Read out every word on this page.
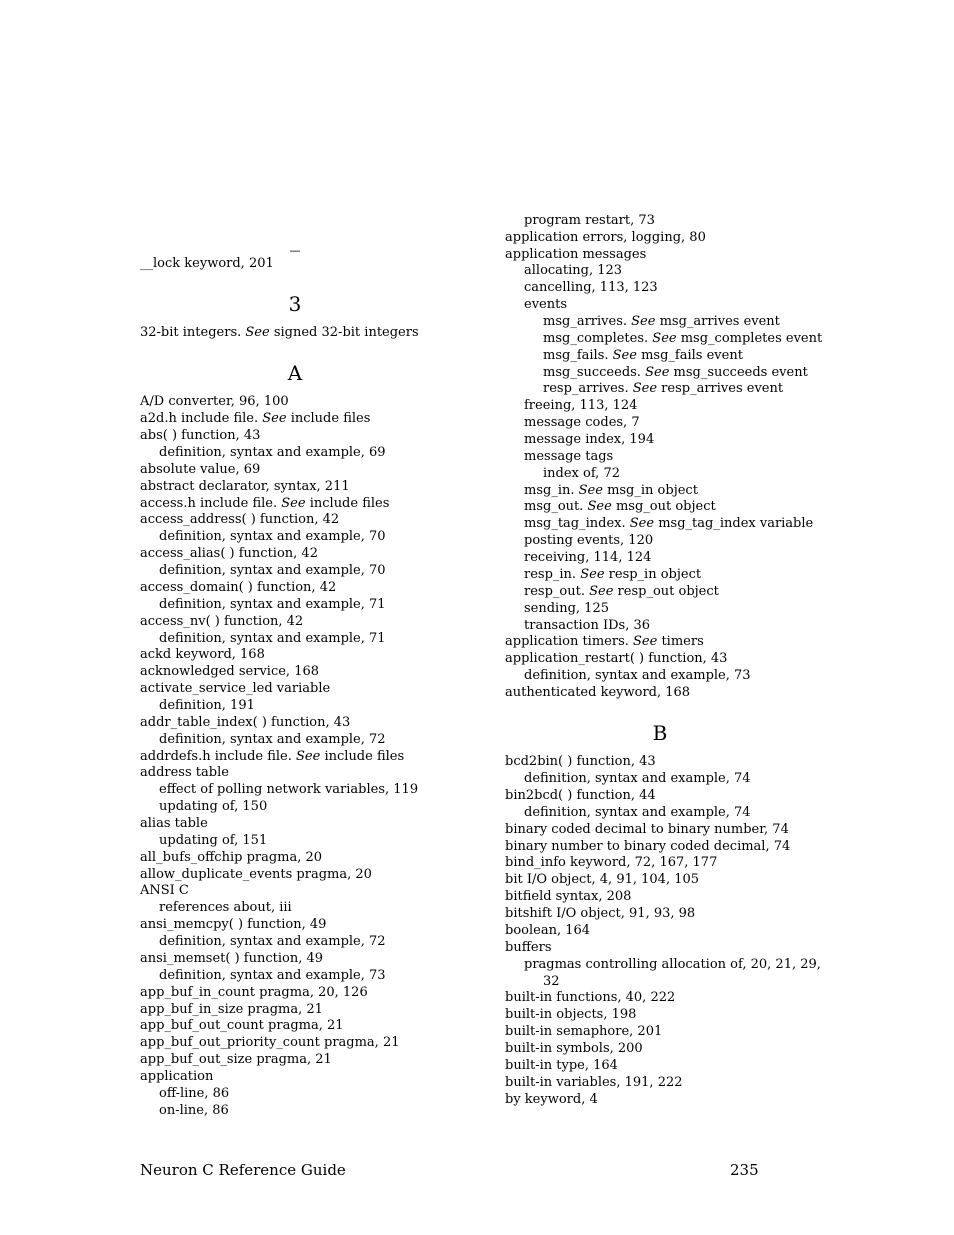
_
__lock keyword, 201
3
32-bit integers. See signed 32-bit integers
A
A/D converter, 96, 100
a2d.h include file. See include files
abs( ) function, 43
definition, syntax and example, 69
absolute value, 69
abstract declarator, syntax, 211
access.h include file. See include files
access_address( ) function, 42
definition, syntax and example, 70
access_alias( ) function, 42
definition, syntax and example, 70
access_domain( ) function, 42
definition, syntax and example, 71
access_nv( ) function, 42
definition, syntax and example, 71
ackd keyword, 168
acknowledged service, 168
activate_service_led variable
definition, 191
addr_table_index( ) function, 43
definition, syntax and example, 72
addrdefs.h include file. See include files
address table
effect of polling network variables, 119
updating of, 150
alias table
updating of, 151
all_bufs_offchip pragma, 20
allow_duplicate_events pragma, 20
ANSI C
references about, iii
ansi_memcpy( ) function, 49
definition, syntax and example, 72
ansi_memset( ) function, 49
definition, syntax and example, 73
app_buf_in_count pragma, 20, 126
app_buf_in_size pragma, 21
app_buf_out_count pragma, 21
app_buf_out_priority_count pragma, 21
app_buf_out_size pragma, 21
application
off-line, 86
on-line, 86
program restart, 73
application errors, logging, 80
application messages
allocating, 123
cancelling, 113, 123
events
msg_arrives. See msg_arrives event
msg_completes. See msg_completes event
msg_fails. See msg_fails event
msg_succeeds. See msg_succeeds event
resp_arrives. See resp_arrives event
freeing, 113, 124
message codes, 7
message index, 194
message tags
index of, 72
msg_in. See msg_in object
msg_out. See msg_out object
msg_tag_index. See msg_tag_index variable
posting events, 120
receiving, 114, 124
resp_in. See resp_in object
resp_out. See resp_out object
sending, 125
transaction IDs, 36
application timers. See timers
application_restart( ) function, 43
definition, syntax and example, 73
authenticated keyword, 168
B
bcd2bin( ) function, 43
definition, syntax and example, 74
bin2bcd( ) function, 44
definition, syntax and example, 74
binary coded decimal to binary number, 74
binary number to binary coded decimal, 74
bind_info keyword, 72, 167, 177
bit I/O object, 4, 91, 104, 105
bitfield syntax, 208
bitshift I/O object, 91, 93, 98
boolean, 164
buffers
pragmas controlling allocation of, 20, 21, 29,
32
built-in functions, 40, 222
built-in objects, 198
built-in semaphore, 201
built-in symbols, 200
built-in type, 164
built-in variables, 191, 222
by keyword, 4
Neuron C Reference Guide	235
